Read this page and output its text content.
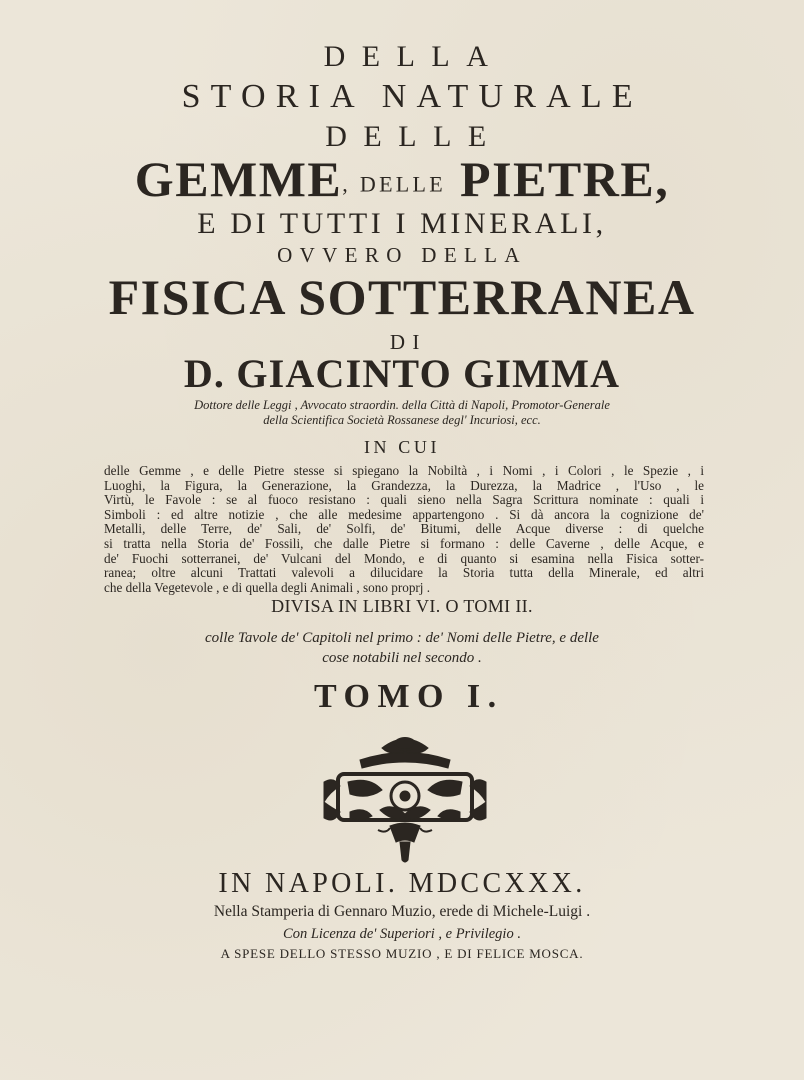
DELLA
STORIA NATURALE
DELLE
GEMME, DELLE PIETRE,
E DI TUTTI I MINERALI,
OVVERO DELLA
FISICA SOTTERRANEA
DI
D. GIACINTO GIMMA
Dottore delle Leggi , Avvocato straordin. della Città di Napoli, Promotor-Generale
della Scientifica Società Rossanese degl' Incuriosi, ecc.
IN CUI
delle Gemme , e delle Pietre stesse si spiegano la Nobiltà , i Nomi , i Colori , le Spezie , i
Luoghi, la Figura, la Generazione, la Grandezza, la Durezza, la Madrice , l'Uso , le
Virtù, le Favole : se al fuoco resistano : quali sieno nella Sagra Scrittura nominate : quali i
Simboli : ed altre notizie , che alle medesime appartengono . Si dà ancora la cognizione de'
Metalli, delle Terre, de' Sali, de' Solfi, de' Bitumi, delle Acque diverse : di quelche
si tratta nella Storia de' Fossili, che dalle Pietre si formano : delle Caverne , delle Acque, e
de' Fuochi sotterranei, de' Vulcani del Mondo, e di quanto si esamina nella Fisica sotter-
ranea; oltre alcuni Trattati valevoli a dilucidare la Storia tutta della Minerale, ed altri
che della Vegetevole , e di quella degli Animali , sono proprj .
DIVISA IN LIBRI VI. O TOMI II.
colle Tavole de' Capitoli nel primo : de' Nomi delle Pietre, e delle
cose notabili nel secondo .
TOMO I.
IN NAPOLI. MDCCXXX.
Nella Stamperia di Gennaro Muzio, erede di Michele-Luigi .
Con Licenza de' Superiori , e Privilegio .
A SPESE DELLO STESSO MUZIO , E DI FELICE MOSCA.
